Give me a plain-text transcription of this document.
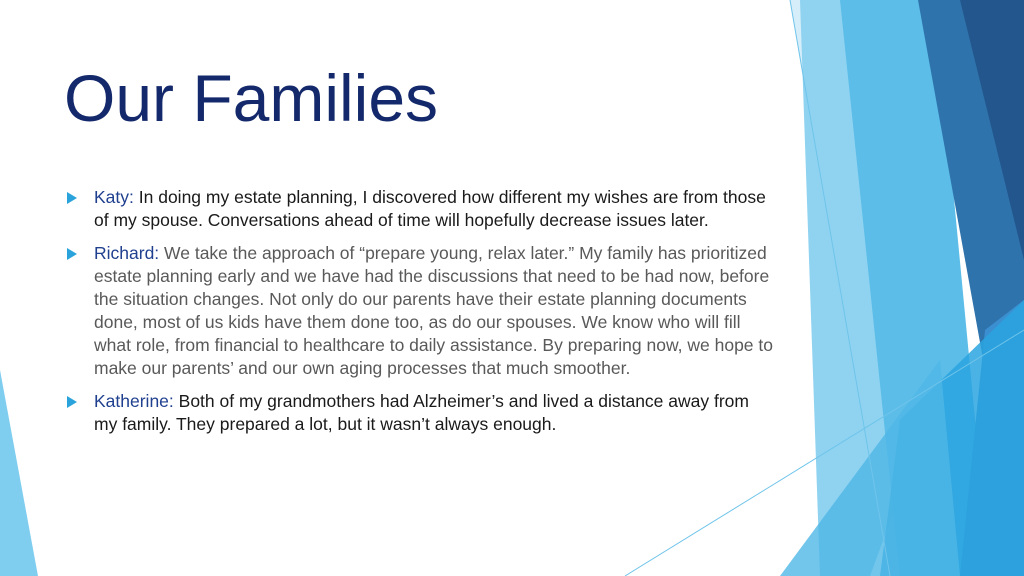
Our Families
Katy: In doing my estate planning, I discovered how different my wishes are from those of my spouse. Conversations ahead of time will hopefully decrease issues later.
Richard: We take the approach of “prepare young, relax later.” My family has prioritized estate planning early and we have had the discussions that need to be had now, before the situation changes. Not only do our parents have their estate planning documents done, most of us kids have them done too, as do our spouses. We know who will fill what role, from financial to healthcare to daily assistance. By preparing now, we hope to make our parents’ and our own aging processes that much smoother.
Katherine: Both of my grandmothers had Alzheimer’s and lived a distance away from my family. They prepared a lot, but it wasn’t always enough.
